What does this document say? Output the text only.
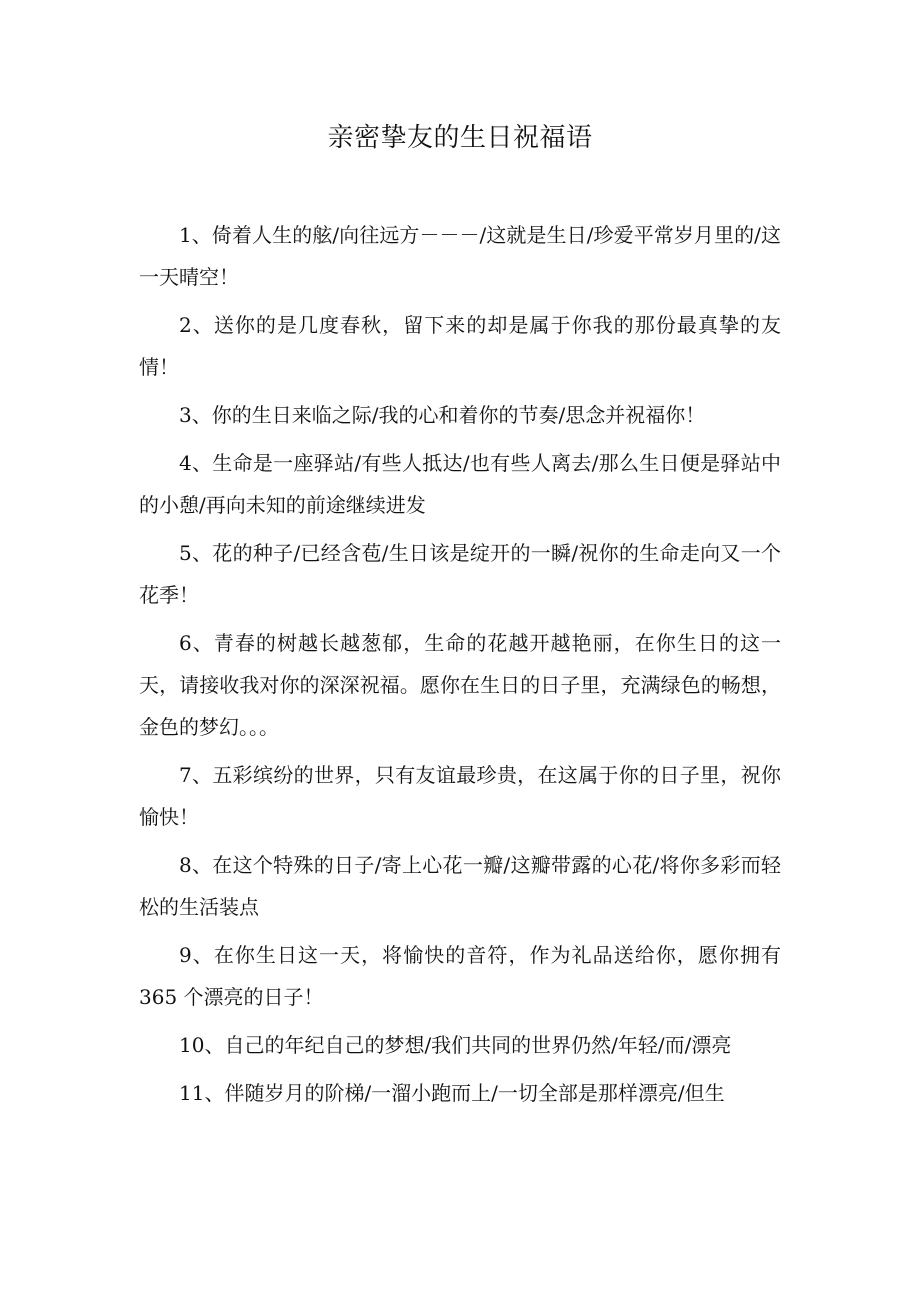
亲密挚友的生日祝福语

1、倚着人生的舷/向往远方－－－/这就是生日/珍爱平常岁月里的/这一天晴空！

2、送你的是几度春秋，留下来的却是属于你我的那份最真挚的友情！

3、你的生日来临之际/我的心和着你的节奏/思念并祝福你！

4、生命是一座驿站/有些人抵达/也有些人离去/那么生日便是驿站中的小憩/再向未知的前途继续进发

5、花的种子/已经含苞/生日该是绽开的一瞬/祝你的生命走向又一个花季！

6、青春的树越长越葱郁，生命的花越开越艳丽，在你生日的这一天，请接收我对你的深深祝福。愿你在生日的日子里，充满绿色的畅想，金色的梦幻。。。

7、五彩缤纷的世界，只有友谊最珍贵，在这属于你的日子里，祝你愉快！

8、在这个特殊的日子/寄上心花一瓣/这瓣带露的心花/将你多彩而轻松的生活装点

9、在你生日这一天，将愉快的音符，作为礼品送给你，愿你拥有 365 个漂亮的日子！

10、自己的年纪自己的梦想/我们共同的世界仍然/年轻/而/漂亮

11、伴随岁月的阶梯/一溜小跑而上/一切全部是那样漂亮/但生
